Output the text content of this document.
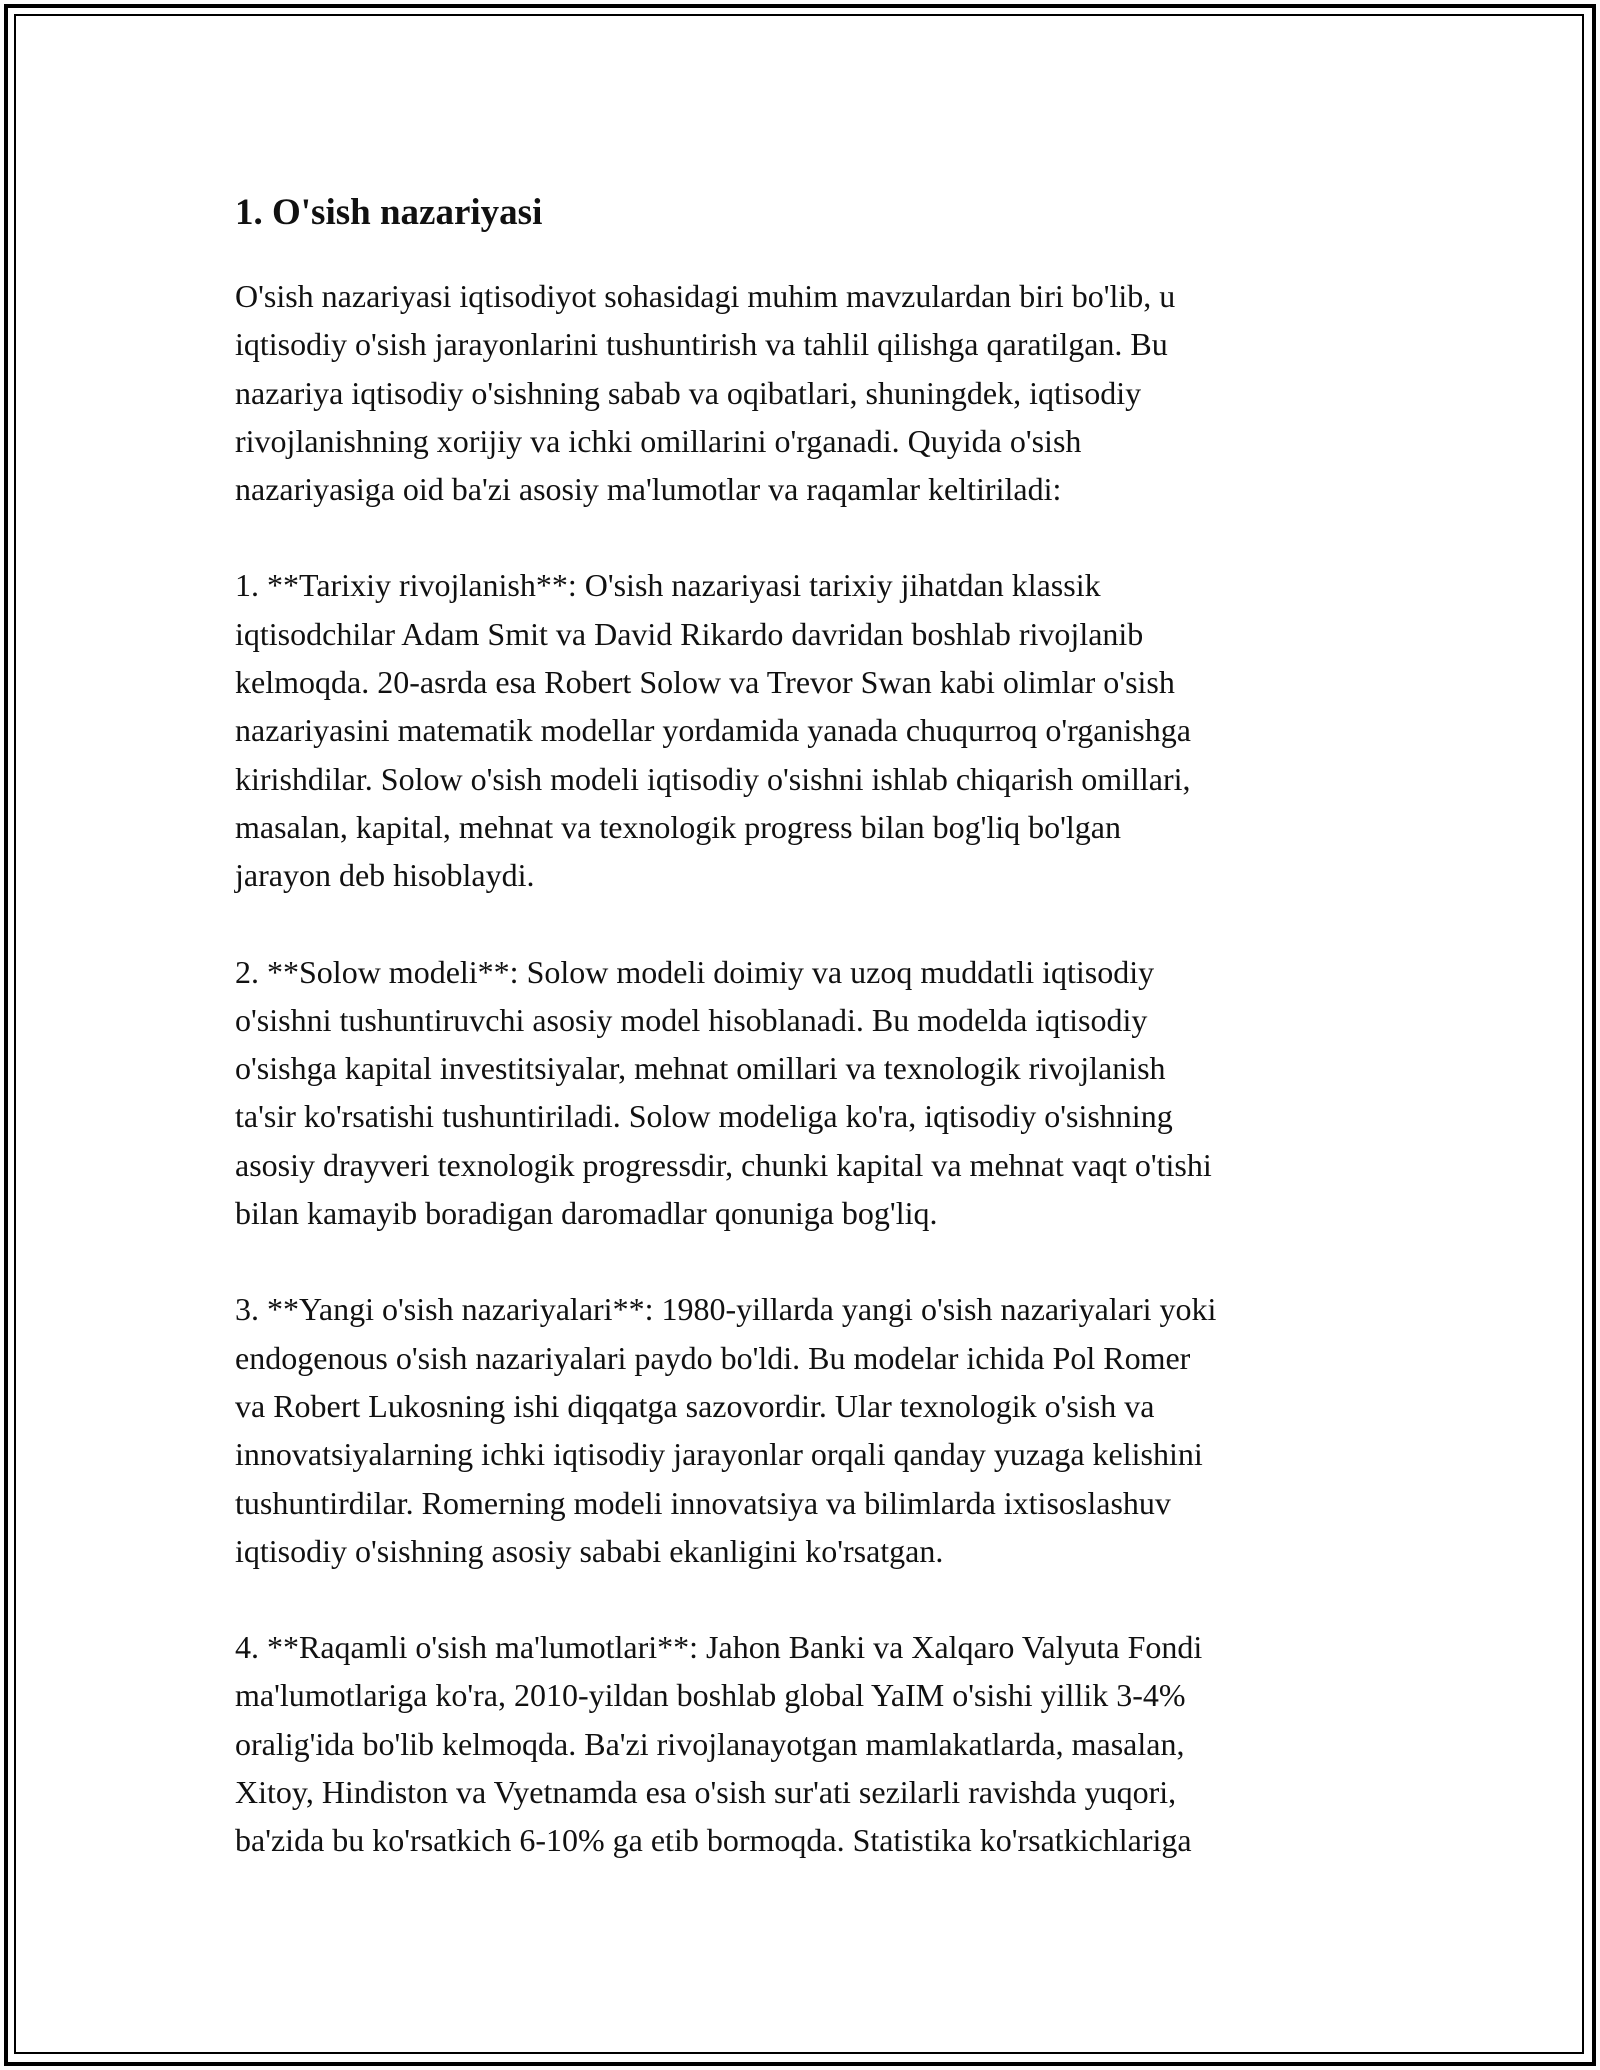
1. O'sish nazariyasi

O'sish nazariyasi iqtisodiyot sohasidagi muhim mavzulardan biri bo'lib, u
iqtisodiy o'sish jarayonlarini tushuntirish va tahlil qilishga qaratilgan. Bu
nazariya iqtisodiy o'sishning sabab va oqibatlari, shuningdek, iqtisodiy
rivojlanishning xorijiy va ichki omillarini o'rganadi. Quyida o'sish
nazariyasiga oid ba'zi asosiy ma'lumotlar va raqamlar keltiriladi:

1. **Tarixiy rivojlanish**: O'sish nazariyasi tarixiy jihatdan klassik
iqtisodchilar Adam Smit va David Rikardo davridan boshlab rivojlanib
kelmoqda. 20-asrda esa Robert Solow va Trevor Swan kabi olimlar o'sish
nazariyasini matematik modellar yordamida yanada chuqurroq o'rganishga
kirishdilar. Solow o'sish modeli iqtisodiy o'sishni ishlab chiqarish omillari,
masalan, kapital, mehnat va texnologik progress bilan bog'liq bo'lgan
jarayon deb hisoblaydi.

2. **Solow modeli**: Solow modeli doimiy va uzoq muddatli iqtisodiy
o'sishni tushuntiruvchi asosiy model hisoblanadi. Bu modelda iqtisodiy
o'sishga kapital investitsiyalar, mehnat omillari va texnologik rivojlanish
ta'sir ko'rsatishi tushuntiriladi. Solow modeliga ko'ra, iqtisodiy o'sishning
asosiy drayveri texnologik progressdir, chunki kapital va mehnat vaqt o'tishi
bilan kamayib boradigan daromadlar qonuniga bog'liq.

3. **Yangi o'sish nazariyalari**: 1980-yillarda yangi o'sish nazariyalari yoki
endogenous o'sish nazariyalari paydo bo'ldi. Bu modelar ichida Pol Romer
va Robert Lukosning ishi diqqatga sazovordir. Ular texnologik o'sish va
innovatsiyalarning ichki iqtisodiy jarayonlar orqali qanday yuzaga kelishini
tushuntirdilar. Romerning modeli innovatsiya va bilimlarda ixtisoslashuv
iqtisodiy o'sishning asosiy sababi ekanligini ko'rsatgan.

4. **Raqamli o'sish ma'lumotlari**: Jahon Banki va Xalqaro Valyuta Fondi
ma'lumotlariga ko'ra, 2010-yildan boshlab global YaIM o'sishi yillik 3-4%
oralig'ida bo'lib kelmoqda. Ba'zi rivojlanayotgan mamlakatlarda, masalan,
Xitoy, Hindiston va Vyetnamda esa o'sish sur'ati sezilarli ravishda yuqori,
ba'zida bu ko'rsatkich 6-10% ga etib bormoqda. Statistika ko'rsatkichlariga
